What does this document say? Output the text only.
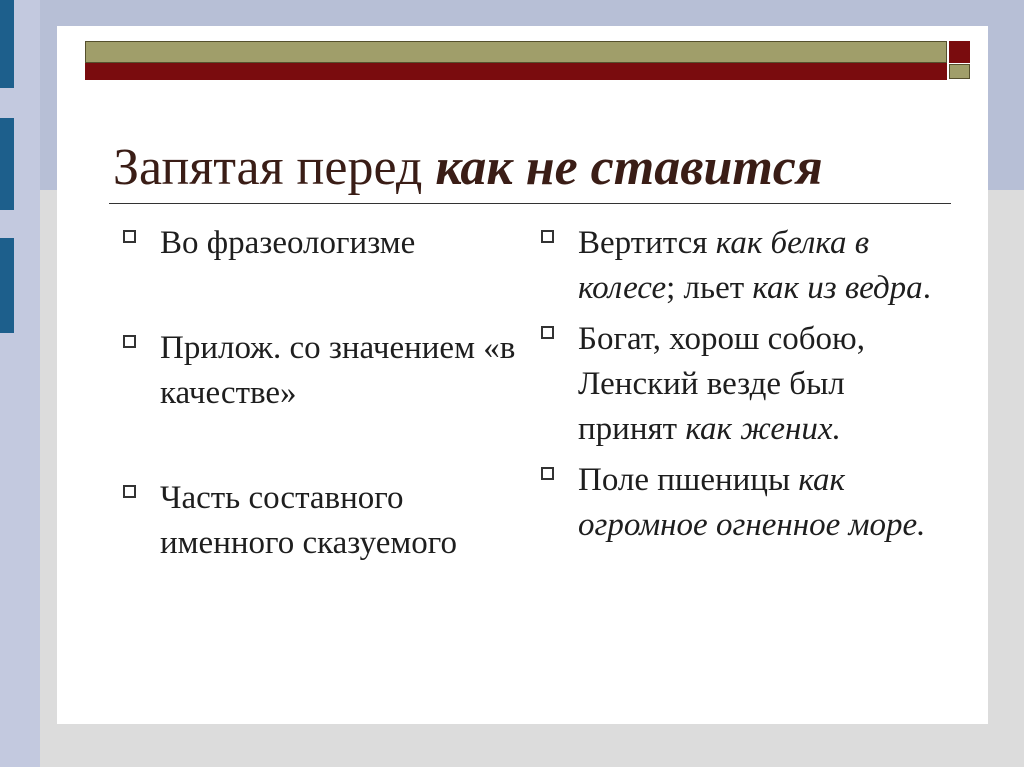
Запятая перед как не ставится
Во фразеологизме
Прилож. со значением «в качестве»
Часть составного именного сказуемого
Вертится как белка в колесе; льет как из ведра.
Богат, хорош собою, Ленский везде был принят как жених.
Поле пшеницы как огромное огненное море.
